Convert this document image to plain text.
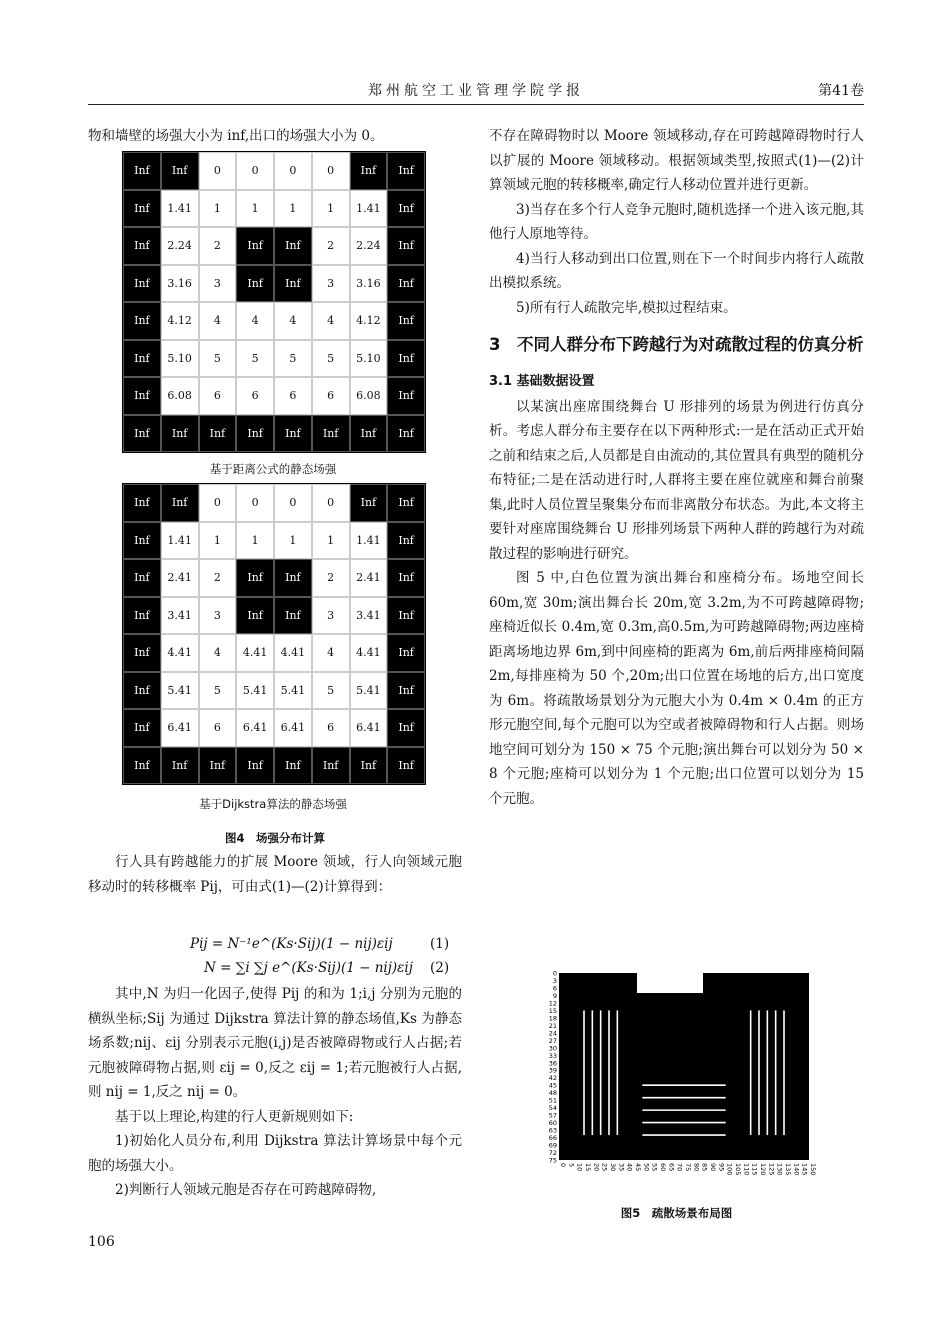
郑州航空工业管理学院学报	第41卷

物和墙壁的场强大小为 inf,出口的场强大小为 0。

Inf	Inf	0	0	0	0	Inf	Inf
Inf	1.41	1	1	1	1	1.41	Inf
Inf	2.24	2	Inf	Inf	2	2.24	Inf
Inf	3.16	3	Inf	Inf	3	3.16	Inf
Inf	4.12	4	4	4	4	4.12	Inf
Inf	5.10	5	5	5	5	5.10	Inf
Inf	6.08	6	6	6	6	6.08	Inf
Inf	Inf	Inf	Inf	Inf	Inf	Inf	Inf
基于距离公式的静态场强
Inf	Inf	0	0	0	0	Inf	Inf
Inf	1.41	1	1	1	1	1.41	Inf
Inf	2.41	2	Inf	Inf	2	2.41	Inf
Inf	3.41	3	Inf	Inf	3	3.41	Inf
Inf	4.41	4	4.41	4.41	4	4.41	Inf
Inf	5.41	5	5.41	5.41	5	5.41	Inf
Inf	6.41	6	6.41	6.41	6	6.41	Inf
Inf	Inf	Inf	Inf	Inf	Inf	Inf	Inf
基于Dijkstra算法的静态场强
图4　场强分布计算

行人具有跨越能力的扩展 Moore 领域，行人向领域元胞移动时的转移概率 Pij，可由式(1)—(2)计算得到：

Pij = N⁻¹e^(Ks·Sij)(1 − nij)εij	(1)
N = ∑i ∑j e^(Ks·Sij)(1 − nij)εij (2)

其中,N 为归一化因子,使得 Pij 的和为 1;i,j 分别为元胞的横纵坐标;Sij 为通过 Dijkstra 算法计算的静态场值,Ks 为静态场系数;nij、εij 分别表示元胞(i,j)是否被障碍物或行人占据;若元胞被障碍物占据,则 εij = 0,反之 εij = 1;若元胞被行人占据,则 nij = 1,反之 nij = 0。

基于以上理论,构建的行人更新规则如下:

1)初始化人员分布,利用 Dijkstra 算法计算场景中每个元胞的场强大小。

2)判断行人领域元胞是否存在可跨越障碍物,

106

不存在障碍物时以 Moore 领域移动,存在可跨越障碍物时行人以扩展的 Moore 领域移动。根据领域类型,按照式(1)—(2)计算领域元胞的转移概率,确定行人移动位置并进行更新。

3)当存在多个行人竞争元胞时,随机选择一个进入该元胞,其他行人原地等待。

4)当行人移动到出口位置,则在下一个时间步内将行人疏散出模拟系统。

5)所有行人疏散完毕,模拟过程结束。

3　不同人群分布下跨越行为对疏散过程的仿真分析
3.1 基础数据设置

以某演出座席围绕舞台 U 形排列的场景为例进行仿真分析。考虑人群分布主要存在以下两种形式:一是在活动正式开始之前和结束之后,人员都是自由流动的,其位置具有典型的随机分布特征;二是在活动进行时,人群将主要在座位就座和舞台前聚集,此时人员位置呈聚集分布而非离散分布状态。为此,本文将主要针对座席围绕舞台 U 形排列场景下两种人群的跨越行为对疏散过程的影响进行研究。

图 5 中,白色位置为演出舞台和座椅分布。场地空间长 60m,宽 30m;演出舞台长 20m,宽 3.2m,为不可跨越障碍物;座椅近似长 0.4m,宽 0.3m,高0.5m,为可跨越障碍物;两边座椅距离场地边界 6m,到中间座椅的距离为 6m,前后两排座椅间隔 2m,每排座椅为 50 个,20m;出口位置在场地的后方,出口宽度为 6m。将疏散场景划分为元胞大小为 0.4m × 0.4m 的正方形元胞空间,每个元胞可以为空或者被障碍物和行人占据。则场地空间可划分为 150 × 75 个元胞;演出舞台可以划分为 50 × 8 个元胞;座椅可以划分为 1 个元胞;出口位置可以划分为 15 个元胞。

0
3
6
9
12
15
18
21
24
27
30
33
36
39
42
45
48
51
54
57
60
63
66
69
72
75
0 5 10 15 20 25 30 35 40 45 50 55 60 65 70 75 80 85 90 95 100 105 110 115 120 125 130 135 140 145 150
图5　疏散场景布局图
